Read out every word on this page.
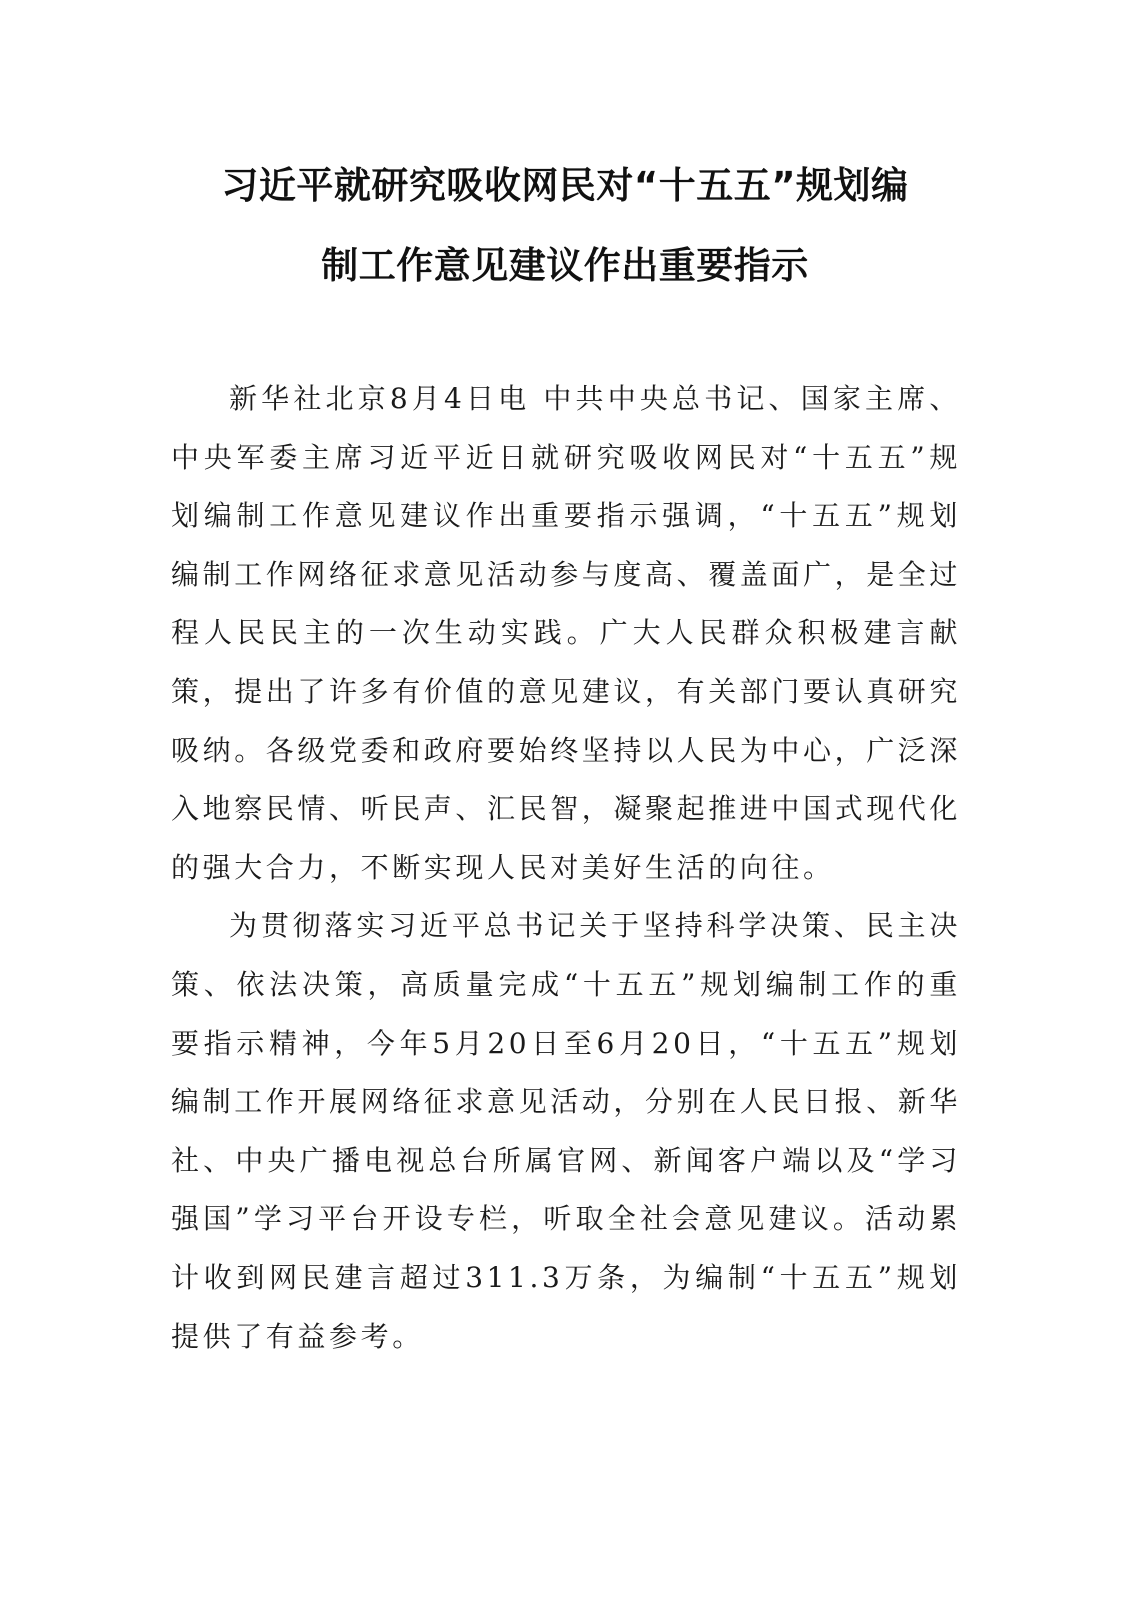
习近平就研究吸收网民对“十五五”规划编
制工作意见建议作出重要指示

新华社北京8月4日电 中共中央总书记、国家主席、中央军委主席习近平近日就研究吸收网民对“十五五”规划编制工作意见建议作出重要指示强调，“十五五”规划编制工作网络征求意见活动参与度高、覆盖面广，是全过程人民民主的一次生动实践。广大人民群众积极建言献策，提出了许多有价值的意见建议，有关部门要认真研究吸纳。各级党委和政府要始终坚持以人民为中心，广泛深入地察民情、听民声、汇民智，凝聚起推进中国式现代化的强大合力，不断实现人民对美好生活的向往。

为贯彻落实习近平总书记关于坚持科学决策、民主决策、依法决策，高质量完成“十五五”规划编制工作的重要指示精神，今年5月20日至6月20日，“十五五”规划编制工作开展网络征求意见活动，分别在人民日报、新华社、中央广播电视总台所属官网、新闻客户端以及“学习强国”学习平台开设专栏，听取全社会意见建议。活动累计收到网民建言超过311.3万条，为编制“十五五”规划提供了有益参考。
